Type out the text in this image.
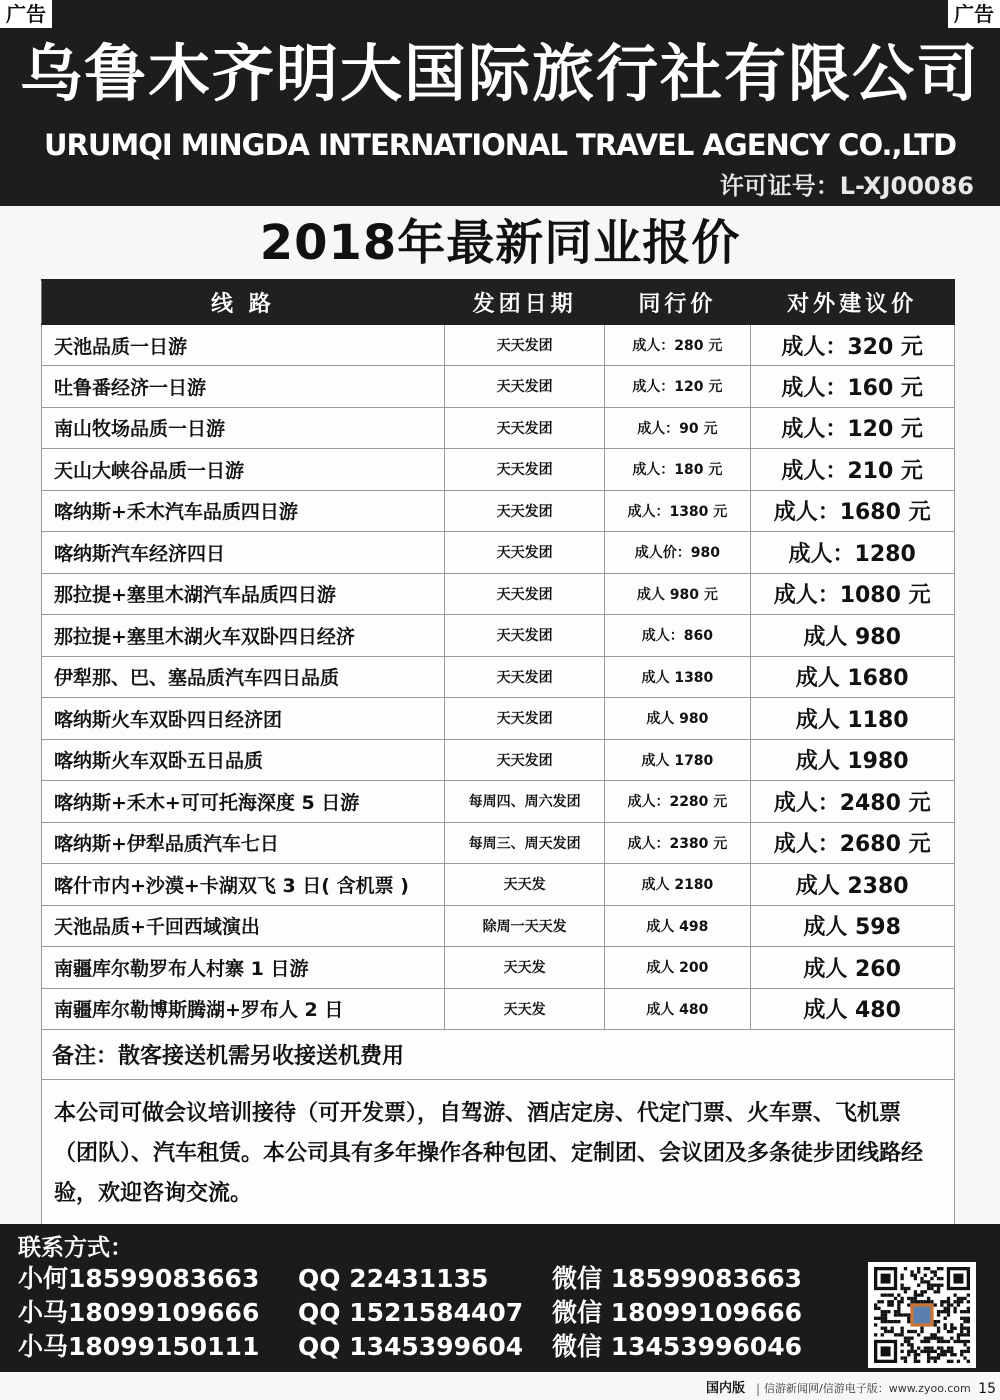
乌鲁木齐明大国际旅行社有限公司
URUMQI MINGDA INTERNATIONAL TRAVEL AGENCY CO.,LTD
许可证号：L-XJ00086
广告	广告
2018年最新同业报价
线 路	发团日期	同行价	对外建议价
天池品质一日游	天天发团	成人：280 元	成人：320 元
吐鲁番经济一日游	天天发团	成人：120 元	成人：160 元
南山牧场品质一日游	天天发团	成人：90 元	成人：120 元
天山大峡谷品质一日游	天天发团	成人：180 元	成人：210 元
喀纳斯+禾木汽车品质四日游	天天发团	成人：1380 元	成人：1680 元
喀纳斯汽车经济四日	天天发团	成人价：980	成人：1280
那拉提+塞里木湖汽车品质四日游	天天发团	成人 980 元	成人：1080 元
那拉提+塞里木湖火车双卧四日经济	天天发团	成人：860	成人 980
伊犁那、巴、塞品质汽车四日品质	天天发团	成人 1380	成人 1680
喀纳斯火车双卧四日经济团	天天发团	成人 980	成人 1180
喀纳斯火车双卧五日品质	天天发团	成人 1780	成人 1980
喀纳斯+禾木+可可托海深度 5 日游	每周四、周六发团	成人：2280 元	成人：2480 元
喀纳斯+伊犁品质汽车七日	每周三、周天发团	成人：2380 元	成人：2680 元
喀什市内+沙漠+卡湖双飞 3 日( 含机票 )	天天发	成人 2180	成人 2380
天池品质+千回西域演出	除周一天天发	成人 498	成人 598
南疆库尔勒罗布人村寨 1 日游	天天发	成人 200	成人 260
南疆库尔勒博斯腾湖+罗布人 2 日	天天发	成人 480	成人 480
备注：散客接送机需另收接送机费用			
本公司可做会议培训接待（可开发票），自驾游、酒店定房、代定门票、火车票、飞机票（团队）、汽车租赁。本公司具有多年操作各种包团、定制团、会议团及多条徒步团线路经验，欢迎咨询交流。			
联系方式：
小何18599083663 QQ 22431135	微信 18599083663
小马18099109666 QQ 1521584407 微信 18099109666
小马18099150111 QQ 1345399604 微信 13453996046
国内版 | 信游新闻网/信游电子版：www.zyoo.com 15
